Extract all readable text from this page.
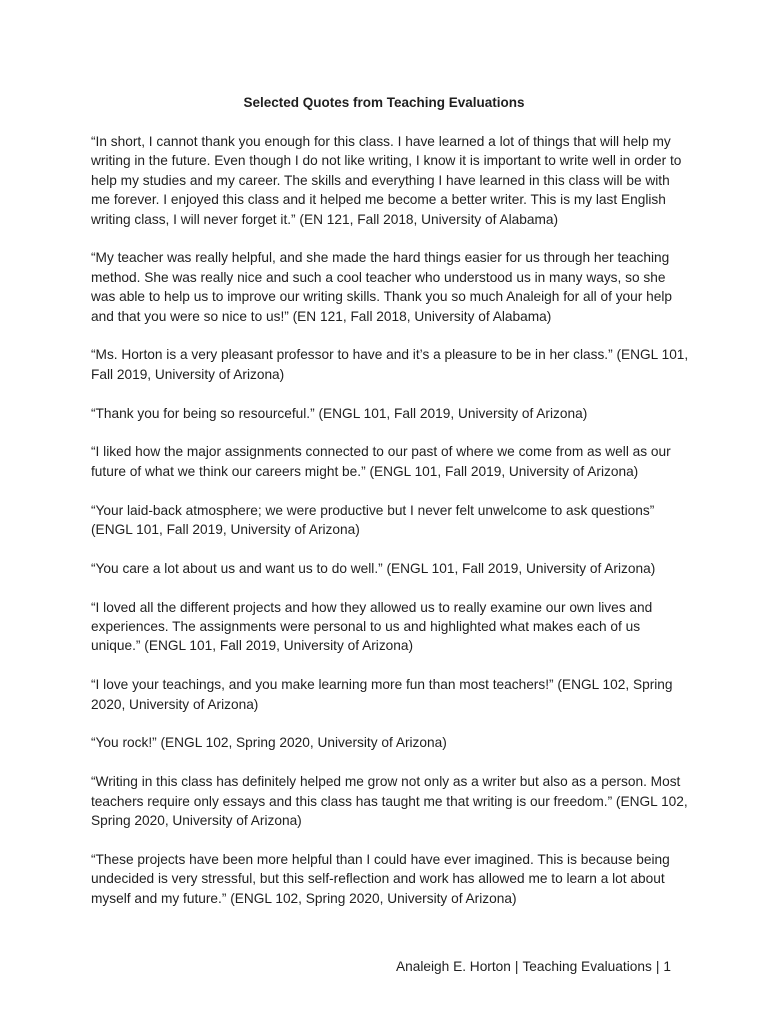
Selected Quotes from Teaching Evaluations

“In short, I cannot thank you enough for this class. I have learned a lot of things that will help my writing in the future. Even though I do not like writing, I know it is important to write well in order to help my studies and my career. The skills and everything I have learned in this class will be with me forever. I enjoyed this class and it helped me become a better writer. This is my last English writing class, I will never forget it.” (EN 121, Fall 2018, University of Alabama)

“My teacher was really helpful, and she made the hard things easier for us through her teaching method. She was really nice and such a cool teacher who understood us in many ways, so she was able to help us to improve our writing skills. Thank you so much Analeigh for all of your help and that you were so nice to us!” (EN 121, Fall 2018, University of Alabama)

“Ms. Horton is a very pleasant professor to have and it’s a pleasure to be in her class.” (ENGL 101, Fall 2019, University of Arizona)

“Thank you for being so resourceful.” (ENGL 101, Fall 2019, University of Arizona)

“I liked how the major assignments connected to our past of where we come from as well as our future of what we think our careers might be.” (ENGL 101, Fall 2019, University of Arizona)

“Your laid-back atmosphere; we were productive but I never felt unwelcome to ask questions” (ENGL 101, Fall 2019, University of Arizona)

“You care a lot about us and want us to do well.” (ENGL 101, Fall 2019, University of Arizona)

“I loved all the different projects and how they allowed us to really examine our own lives and experiences. The assignments were personal to us and highlighted what makes each of us unique.” (ENGL 101, Fall 2019, University of Arizona)

“I love your teachings, and you make learning more fun than most teachers!” (ENGL 102, Spring 2020, University of Arizona)

“You rock!” (ENGL 102, Spring 2020, University of Arizona)

“Writing in this class has definitely helped me grow not only as a writer but also as a person. Most teachers require only essays and this class has taught me that writing is our freedom.” (ENGL 102, Spring 2020, University of Arizona)

“These projects have been more helpful than I could have ever imagined. This is because being undecided is very stressful, but this self-reflection and work has allowed me to learn a lot about myself and my future.” (ENGL 102, Spring 2020, University of Arizona)

Analeigh E. Horton | Teaching Evaluations | 1
